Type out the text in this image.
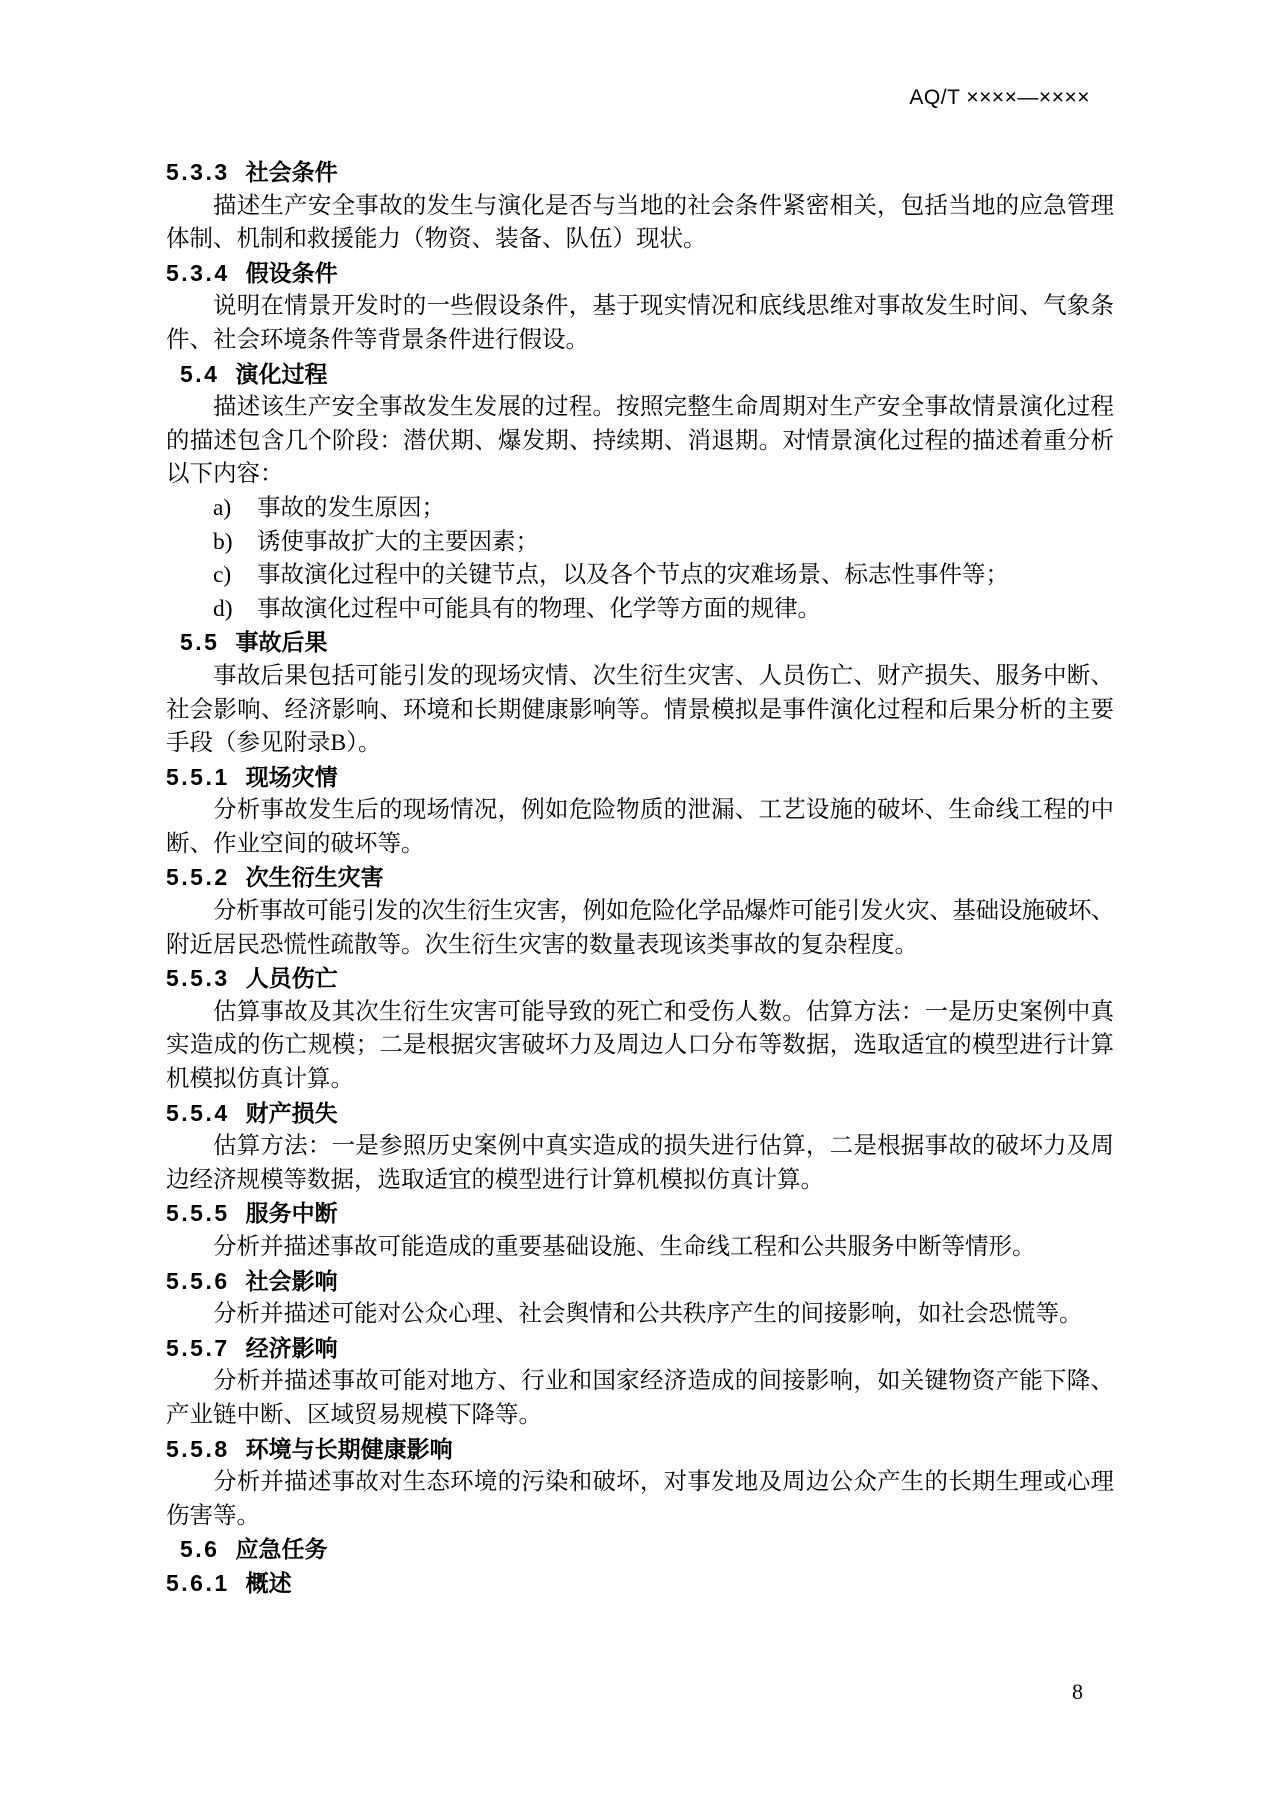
AQ/T ××××—××××
5.3.3 社会条件
描述生产安全事故的发生与演化是否与当地的社会条件紧密相关，包括当地的应急管理
体制、机制和救援能力（物资、装备、队伍）现状。
5.3.4 假设条件
说明在情景开发时的一些假设条件，基于现实情况和底线思维对事故发生时间、气象条
件、社会环境条件等背景条件进行假设。
5.4 演化过程
描述该生产安全事故发生发展的过程。按照完整生命周期对生产安全事故情景演化过程
的描述包含几个阶段：潜伏期、爆发期、持续期、消退期。对情景演化过程的描述着重分析
以下内容：
a) 事故的发生原因；
b) 诱使事故扩大的主要因素；
c) 事故演化过程中的关键节点，以及各个节点的灾难场景、标志性事件等；
d) 事故演化过程中可能具有的物理、化学等方面的规律。
5.5 事故后果
事故后果包括可能引发的现场灾情、次生衍生灾害、人员伤亡、财产损失、服务中断、
社会影响、经济影响、环境和长期健康影响等。情景模拟是事件演化过程和后果分析的主要
手段（参见附录B）。
5.5.1 现场灾情
分析事故发生后的现场情况，例如危险物质的泄漏、工艺设施的破坏、生命线工程的中
断、作业空间的破坏等。
5.5.2 次生衍生灾害
分析事故可能引发的次生衍生灾害，例如危险化学品爆炸可能引发火灾、基础设施破坏、
附近居民恐慌性疏散等。次生衍生灾害的数量表现该类事故的复杂程度。
5.5.3 人员伤亡
估算事故及其次生衍生灾害可能导致的死亡和受伤人数。估算方法：一是历史案例中真
实造成的伤亡规模；二是根据灾害破坏力及周边人口分布等数据，选取适宜的模型进行计算
机模拟仿真计算。
5.5.4 财产损失
估算方法：一是参照历史案例中真实造成的损失进行估算，二是根据事故的破坏力及周
边经济规模等数据，选取适宜的模型进行计算机模拟仿真计算。
5.5.5 服务中断
分析并描述事故可能造成的重要基础设施、生命线工程和公共服务中断等情形。
5.5.6 社会影响
分析并描述可能对公众心理、社会舆情和公共秩序产生的间接影响，如社会恐慌等。
5.5.7 经济影响
分析并描述事故可能对地方、行业和国家经济造成的间接影响，如关键物资产能下降、
产业链中断、区域贸易规模下降等。
5.5.8 环境与长期健康影响
分析并描述事故对生态环境的污染和破坏，对事发地及周边公众产生的长期生理或心理
伤害等。
5.6 应急任务
5.6.1 概述
8
